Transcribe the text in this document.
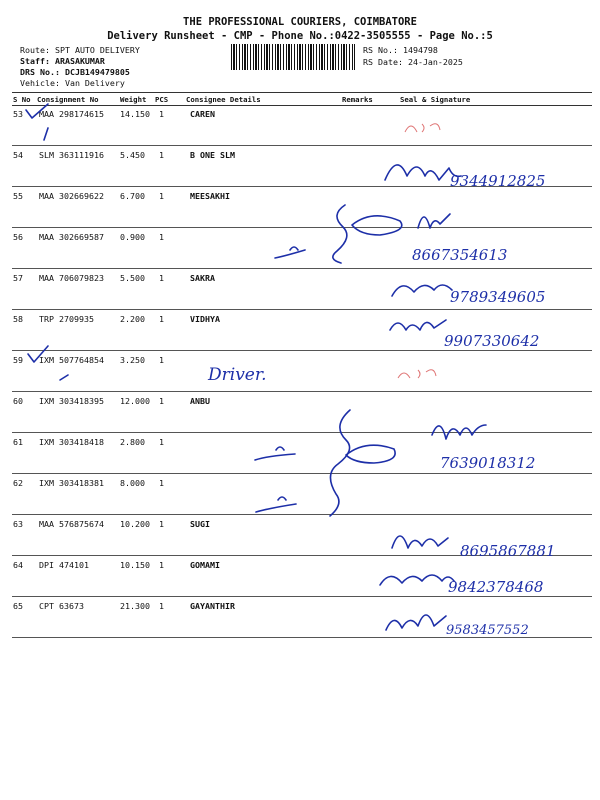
THE PROFESSIONAL COURIERS, COIMBATORE
Delivery Runsheet - CMP - Phone No.:0422-3505555 - Page No.:5
Route: SPT AUTO DELIVERY
Staff: ARASAKUMAR
DRS No.: DCJB149479805
Vehicle: Van Delivery
RS No.: 1494798
RS Date: 24-Jan-2025
S No Consignment No	Weight PCS Consignee Details	Remarks	Seal & Signature
53 MAA 298174615 14.150 1	CAREN
54 SLM 363111916 5.450 1	B ONE SLM
55 MAA 302669622 6.700 1	MEESAKHI
56 MAA 302669587 0.900 1
57 MAA 706079823 5.500 1	SAKRA
58 TRP 2709935	2.200 1	VIDHYA
59 IXM 507764854 3.250 1
60 IXM 303418395 12.000 1	ANBU
61 IXM 303418418 2.800 1
62 IXM 303418381 8.000 1
63 MAA 576875674 10.200 1	SUGI
64 DPI 474101	10.150 1	GOMAMI
65 CPT 63673	21.300 1	GAYANTHIR
9344912825
8667354613
9789349605
9907330642
Driver.
7639018312
8695867881
9842378468
9583457552
